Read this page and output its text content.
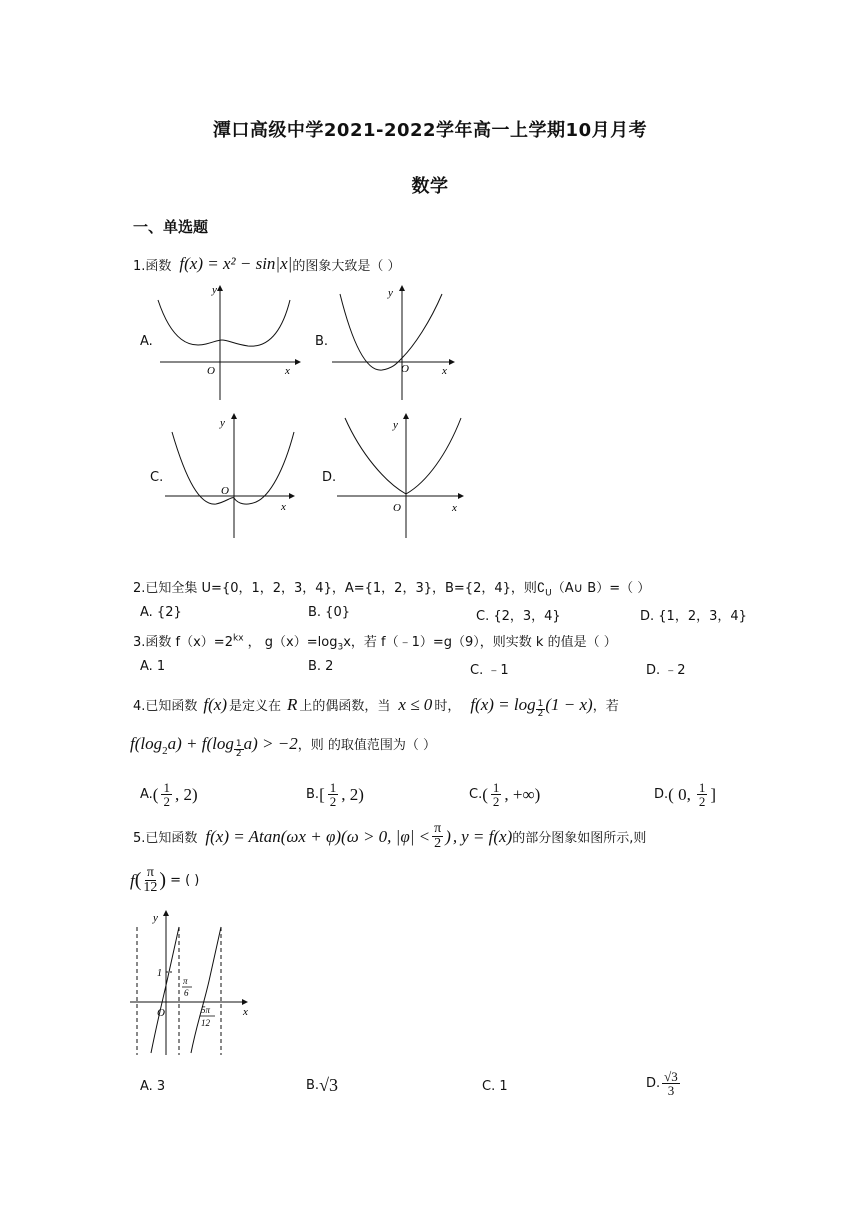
潭口高级中学2021-2022学年高一上学期10月月考
数学
一、单选题
1.函数 f(x) = x² − sin|x| 的图象大致是（ ）
A.
y
x
O
B.
y
x
O
C.
y
x
O
D.
y
x
O
2.已知全集 U={0，1，2，3，4}，A={1，2，3}，B={2，4}，则$∁_U(A\cup$ B）=（ ）
A. {2}	B. {0}	C. {2，3，4}	D. {1，2，3，4}
3.函数 $f(x)=2^{kx}$ ， $g(x)=\log_3x$，若 f（﹣1）=g（9），则实数 k 的值是（ ）
A. 1	B. 2	C. ﹣1	D. ﹣2
4.已知函数 f(x) 是定义在 R 上的偶函数，当 x ≤ 0 时， $f(x) = \log \frac{1}{2} (1 - x)$ ，若
$f(\log_2$ $a) + f(\log \frac{1}{2} a) > -2$ ，则 的取值范围为（ ）
A. ( $\frac{1}{2}$ , 2)	B. [ $\frac{1}{2}$ , 2)	C. ( $\frac{1}{2}$ , +∞)	D. ( 0, $\frac{1}{2}$ ]
5.已知函数 f(x) = Atan(ωx + φ) (ω > 0, $|\varphi| < \frac{\pi}{2}$ ) , y = f(x) 的部分图象如图所示,则
f ( $\frac{\pi}{12}$ ) = ( )
y
x
O
1
π
6
5π
12
A. 3	B. √3	C. 1	D. $\frac{√3}{3}$
